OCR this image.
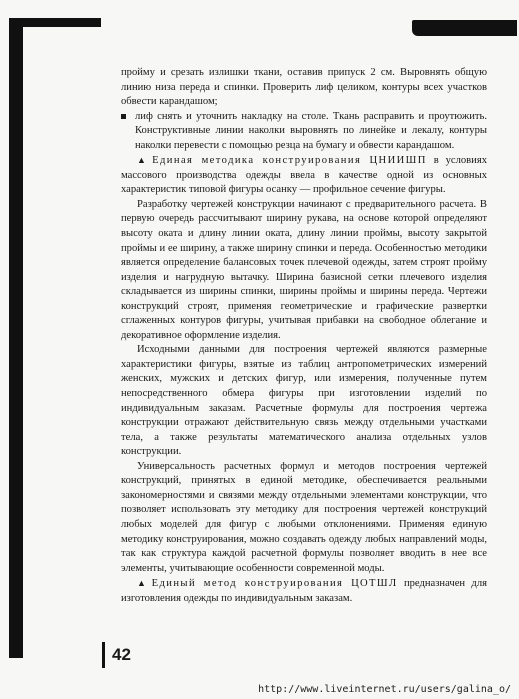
пройму и срезать излишки ткани, оставив припуск 2 см. Выровнять общую линию низа переда и спинки. Проверить лиф целиком, контуры всех участков обвести карандашом;

лиф снять и уточнить накладку на столе. Ткань расправить и проутюжить. Конструктивные линии наколки выровнять по линейке и лекалу, контуры наколки перевести с помощью резца на бумагу и обвести карандашом.

▲ Единая методика конструирования ЦНИИШП в условиях массового производства одежды ввела в качестве одной из основных характеристик типовой фигуры осанку — профильное сечение фигуры.

Разработку чертежей конструкции начинают с предварительного расчета. В первую очередь рассчитывают ширину рукава, на основе которой определяют высоту оката и длину линии оката, длину линии проймы, высоту закрытой проймы и ее ширину, а также ширину спинки и переда. Особенностью методики является определение балансовых точек плечевой одежды, затем строят пройму изделия и нагрудную вытачку. Ширина базисной сетки плечевого изделия складывается из ширины спинки, ширины проймы и ширины переда. Чертежи конструкций строят, применяя геометрические и графические развертки сглаженных контуров фигуры, учитывая прибавки на свободное облегание и декоративное оформление изделия.

Исходными данными для построения чертежей являются размерные характеристики фигуры, взятые из таблиц антропометрических измерений женских, мужских и детских фигур, или измерения, полученные путем непосредственного обмера фигуры при изготовлении изделий по индивидуальным заказам. Расчетные формулы для построения чертежа конструкции отражают действительную связь между отдельными участками тела, а также результаты математического анализа отдельных узлов конструкции.

Универсальность расчетных формул и методов построения чертежей конструкций, принятых в единой методике, обеспечивается реальными закономерностями и связями между отдельными элементами конструкции, что позволяет использовать эту методику для построения чертежей конструкций любых моделей для фигур с любыми отклонениями. Применяя единую методику конструирования, можно создавать одежду любых направлений моды, так как структура каждой расчетной формулы позволяет вводить в нее все элементы, учитывающие особенности современной моды.

▲ Единый метод конструирования ЦОТШЛ предназначен для изготовления одежды по индивидуальным заказам.

42
http://www.liveinternet.ru/users/galina_o/
